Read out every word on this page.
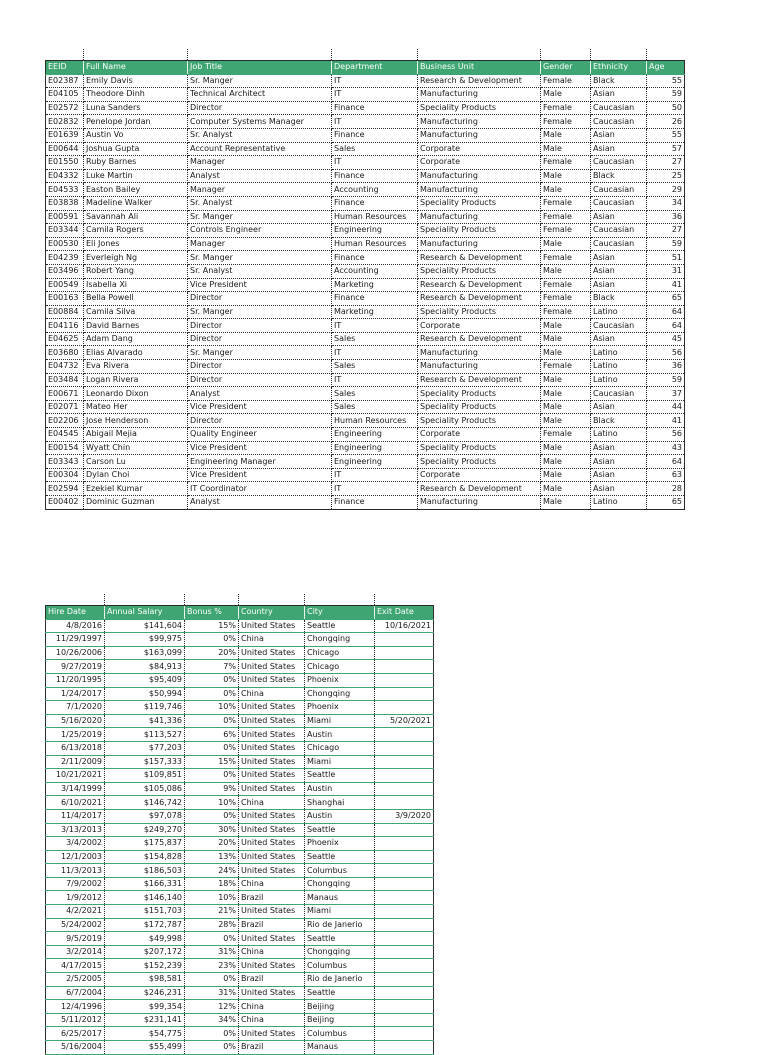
EEID	Full Name	Job Title	Department	Business Unit	Gender	Ethnicity	Age
E02387	Emily Davis	Sr. Manger	IT	Research & Development	Female	Black	55
E04105	Theodore Dinh	Technical Architect	IT	Manufacturing	Male	Asian	59
E02572	Luna Sanders	Director	Finance	Speciality Products	Female	Caucasian	50
E02832	Penelope Jordan	Computer Systems Manager	IT	Manufacturing	Female	Caucasian	26
E01639	Austin Vo	Sr. Analyst	Finance	Manufacturing	Male	Asian	55
E00644	Joshua Gupta	Account Representative	Sales	Corporate	Male	Asian	57
E01550	Ruby Barnes	Manager	IT	Corporate	Female	Caucasian	27
E04332	Luke Martin	Analyst	Finance	Manufacturing	Male	Black	25
E04533	Easton Bailey	Manager	Accounting	Manufacturing	Male	Caucasian	29
E03838	Madeline Walker	Sr. Analyst	Finance	Speciality Products	Female	Caucasian	34
E00591	Savannah Ali	Sr. Manger	Human Resources	Manufacturing	Female	Asian	36
E03344	Camila Rogers	Controls Engineer	Engineering	Speciality Products	Female	Caucasian	27
E00530	Eli Jones	Manager	Human Resources	Manufacturing	Male	Caucasian	59
E04239	Everleigh Ng	Sr. Manger	Finance	Research & Development	Female	Asian	51
E03496	Robert Yang	Sr. Analyst	Accounting	Speciality Products	Male	Asian	31
E00549	Isabella Xi	Vice President	Marketing	Research & Development	Female	Asian	41
E00163	Bella Powell	Director	Finance	Research & Development	Female	Black	65
E00884	Camila Silva	Sr. Manger	Marketing	Speciality Products	Female	Latino	64
E04116	David Barnes	Director	IT	Corporate	Male	Caucasian	64
E04625	Adam Dang	Director	Sales	Research & Development	Male	Asian	45
E03680	Elias Alvarado	Sr. Manger	IT	Manufacturing	Male	Latino	56
E04732	Eva Rivera	Director	Sales	Manufacturing	Female	Latino	36
E03484	Logan Rivera	Director	IT	Research & Development	Male	Latino	59
E00671	Leonardo Dixon	Analyst	Sales	Speciality Products	Male	Caucasian	37
E02071	Mateo Her	Vice President	Sales	Speciality Products	Male	Asian	44
E02206	Jose Henderson	Director	Human Resources	Speciality Products	Male	Black	41
E04545	Abigail Mejia	Quality Engineer	Engineering	Corporate	Female	Latino	56
E00154	Wyatt Chin	Vice President	Engineering	Speciality Products	Male	Asian	43
E03343	Carson Lu	Engineering Manager	Engineering	Speciality Products	Male	Asian	64
E00304	Dylan Choi	Vice President	IT	Corporate	Male	Asian	63
E02594	Ezekiel Kumar	IT Coordinator	IT	Research & Development	Male	Asian	28
E00402	Dominic Guzman	Analyst	Finance	Manufacturing	Male	Latino	65

Hire Date	Annual Salary	Bonus %	Country	City	Exit Date
4/8/2016	$141,604	15%	United States	Seattle	10/16/2021
11/29/1997	$99,975	0%	China	Chongqing	
10/26/2006	$163,099	20%	United States	Chicago	
9/27/2019	$84,913	7%	United States	Chicago	
11/20/1995	$95,409	0%	United States	Phoenix	
1/24/2017	$50,994	0%	China	Chongqing	
7/1/2020	$119,746	10%	United States	Phoenix	
5/16/2020	$41,336	0%	United States	Miami	5/20/2021
1/25/2019	$113,527	6%	United States	Austin	
6/13/2018	$77,203	0%	United States	Chicago	
2/11/2009	$157,333	15%	United States	Miami	
10/21/2021	$109,851	0%	United States	Seattle	
3/14/1999	$105,086	9%	United States	Austin	
6/10/2021	$146,742	10%	China	Shanghai	
11/4/2017	$97,078	0%	United States	Austin	3/9/2020
3/13/2013	$249,270	30%	United States	Seattle	
3/4/2002	$175,837	20%	United States	Phoenix	
12/1/2003	$154,828	13%	United States	Seattle	
11/3/2013	$186,503	24%	United States	Columbus	
7/9/2002	$166,331	18%	China	Chongqing	
1/9/2012	$146,140	10%	Brazil	Manaus	
4/2/2021	$151,703	21%	United States	Miami	
5/24/2002	$172,787	28%	Brazil	Rio de Janerio	
9/5/2019	$49,998	0%	United States	Seattle	
3/2/2014	$207,172	31%	China	Chongqing	
4/17/2015	$152,239	23%	United States	Columbus	
2/5/2005	$98,581	0%	Brazil	Rio de Janerio	
6/7/2004	$246,231	31%	United States	Seattle	
12/4/1996	$99,354	12%	China	Beijing	
5/11/2012	$231,141	34%	China	Beijing	
6/25/2017	$54,775	0%	United States	Columbus	
5/16/2004	$55,499	0%	Brazil	Manaus	
